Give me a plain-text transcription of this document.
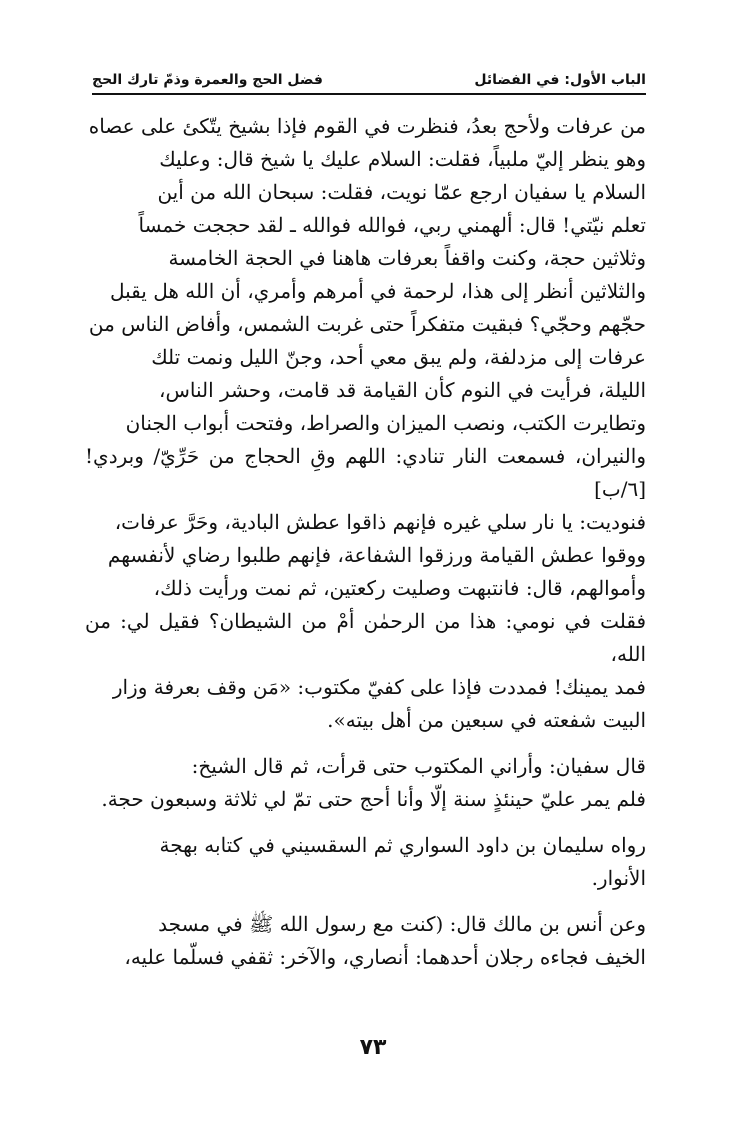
الباب الأول: في الفضائل
فضل الحج والعمرة وذمّ تارك الحج

من عرفات ولأحج بعدُ، فنظرت في القوم فإذا بشيخ يتّكئ على عصاه

وهو ينظر إليّ ملبياً، فقلت: السلام عليك يا شيخ قال: وعليك

السلام يا سفيان ارجع عمّا نويت، فقلت: سبحان الله من أين

تعلم نيّتي! قال: ألهمني ربي، فوالله فوالله ـ لقد حججت خمساً

وثلاثين حجة، وكنت واقفاً بعرفات هاهنا في الحجة الخامسة

والثلاثين أنظر إلى هذا، لرحمة في أمرهم وأمري، أن الله هل يقبل

حجّهم وحجّي؟ فبقيت متفكراً حتى غربت الشمس، وأفاض الناس من

عرفات إلى مزدلفة، ولم يبق معي أحد، وجنّ الليل ونمت تلك

الليلة، فرأيت في النوم كأن القيامة قد قامت، وحشر الناس،

وتطايرت الكتب، ونصب الميزان والصراط، وفتحت أبواب الجنان

والنيران، فسمعت النار تنادي: اللهم وقِ الحجاج من حَرِّيّ/ وبردي! [٦/ب]

فنوديت: يا نار سلي غيره فإنهم ذاقوا عطش البادية، وحَرَّ عرفات،

ووقوا عطش القيامة ورزقوا الشفاعة، فإنهم طلبوا رضاي لأنفسهم

وأموالهم، قال: فانتبهت وصليت ركعتين، ثم نمت ورأيت ذلك،

فقلت في نومي: هذا من الرحمٰن أمْ من الشيطان؟ فقيل لي: من الله،

فمد يمينك! فمددت فإذا على كفيّ مكتوب: «مَن وقف بعرفة وزار

البيت شفعته في سبعين من أهل بيته».

قال سفيان: وأراني المكتوب حتى قرأت، ثم قال الشيخ:

فلم يمر عليّ حينئذٍ سنة إلّا وأنا أحج حتى تمّ لي ثلاثة وسبعون حجة.

رواه سليمان بن داود السواري ثم السقسيني في كتابه بهجة

الأنوار.

وعن أنس بن مالك قال: (كنت مع رسول الله ﷺ في مسجد

الخيف فجاءه رجلان أحدهما: أنصاري، والآخر: ثقفي فسلّما عليه،

٧٣
